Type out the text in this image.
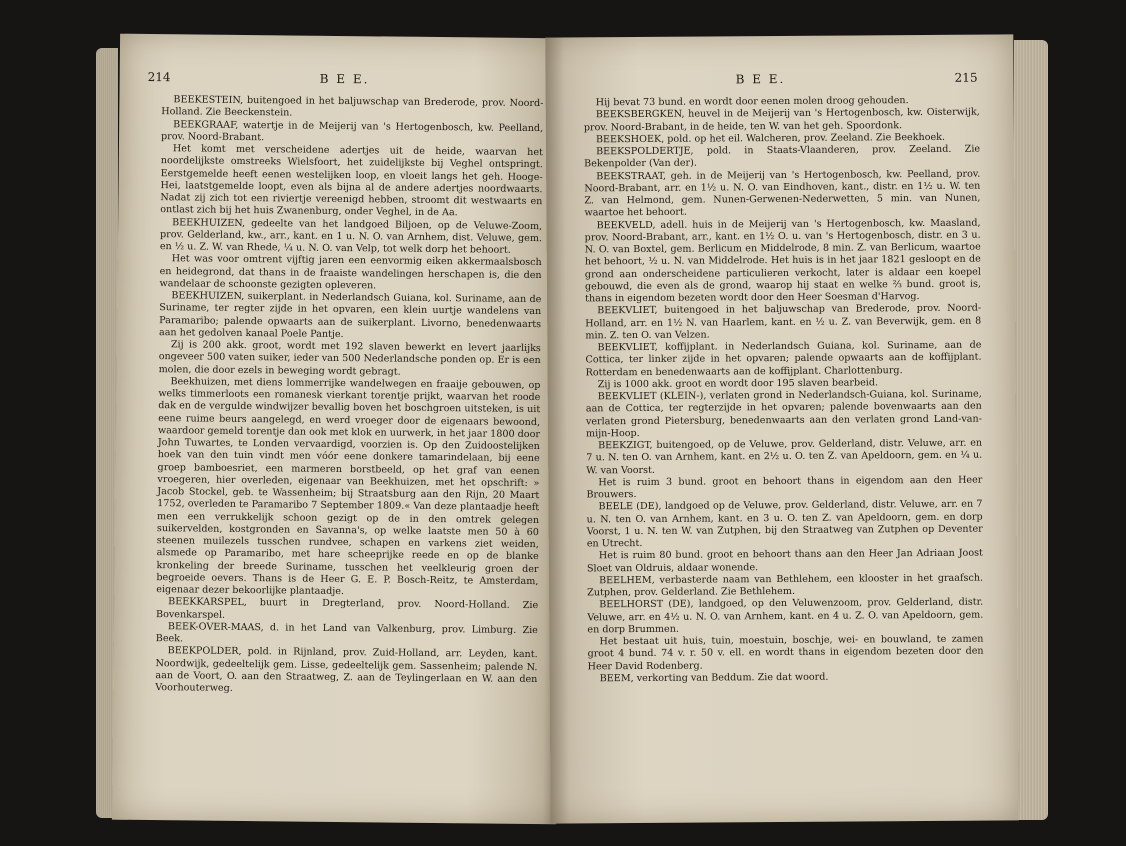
214	B E E.

BEEKESTEIN, buitengoed in het baljuwschap van Brederode, prov. Noord-Holland. Zie Beeckenstein.

BEEKGRAAF, watertje in de Meijerij van 's Hertogenbosch, kw. Peelland, prov. Noord-Brabant.

Het komt met verscheidene adertjes uit de heide, waarvan het noordelijkste omstreeks Wielsfoort, het zuidelijkste bij Veghel ontspringt. Eerstgemelde heeft eenen westelijken loop, en vloeit langs het geh. Hooge-Hei, laatstgemelde loopt, even als bijna al de andere adertjes noordwaarts. Nadat zij zich tot een riviertje vereenigd hebben, stroomt dit westwaarts en ontlast zich bij het huis Zwanenburg, onder Veghel, in de Aa.

BEEKHUIZEN, gedeelte van het landgoed Biljoen, op de Veluwe-Zoom, prov. Gelderland, kw., arr., kant. en 1 u. N. O. van Arnhem, dist. Veluwe, gem. en ½ u. Z. W. van Rhede, ¼ u. N. O. van Velp, tot welk dorp het behoort.

Het was voor omtrent vijftig jaren een eenvormig eiken akkermaalsbosch en heidegrond, dat thans in de fraaiste wandelingen herschapen is, die den wandelaar de schoonste gezigten opleveren.

BEEKHUIZEN, suikerplant. in Nederlandsch Guiana, kol. Suriname, aan de Suriname, ter regter zijde in het opvaren, een klein uurtje wandelens van Paramaribo; palende opwaarts aan de suikerplant. Livorno, benedenwaarts aan het gedolven kanaal Poele Pantje.

Zij is 200 akk. groot, wordt met 192 slaven bewerkt en levert jaarlijks ongeveer 500 vaten suiker, ieder van 500 Nederlandsche ponden op. Er is een molen, die door ezels in beweging wordt gebragt.

Beekhuizen, met diens lommerrijke wandelwegen en fraaije gebouwen, op welks timmerloots een romanesk vierkant torentje prijkt, waarvan het roode dak en de vergulde windwijzer bevallig boven het boschgroen uitsteken, is uit eene ruime beurs aangelegd, en werd vroeger door de eigenaars bewoond, waardoor gemeld torentje dan ook met klok en uurwerk, in het jaar 1800 door John Tuwartes, te Londen vervaardigd, voorzien is. Op den Zuidoostelijken hoek van den tuin vindt men vóór eene donkere tamarindelaan, bij eene groep bamboesriet, een marmeren borstbeeld, op het graf van eenen vroegeren, hier overleden, eigenaar van Beekhuizen, met het opschrift: » Jacob Stockel, geb. te Wassenheim; bij Straatsburg aan den Rijn, 20 Maart 1752, overleden te Paramaribo 7 September 1809.« Van deze plantaadje heeft men een verrukkelijk schoon gezigt op de in den omtrek gelegen suikervelden, kostgronden en Savanna's, op welke laatste men 50 à 60 steenen muilezels tusschen rundvee, schapen en varkens ziet weiden, alsmede op Paramaribo, met hare scheeprijke reede en op de blanke kronkeling der breede Suriname, tusschen het veelkleurig groen der begroeide oevers. Thans is de Heer G. E. P. Bosch-Reitz, te Amsterdam, eigenaar dezer bekoorlijke plantaadje.

BEEKKARSPEL, buurt in Dregterland, prov. Noord-Holland. Zie Bovenkarspel.

BEEK-OVER-MAAS, d. in het Land van Valkenburg, prov. Limburg. Zie Beek.

BEEKPOLDER, pold. in Rijnland, prov. Zuid-Holland, arr. Leyden, kant. Noordwijk, gedeeltelijk gem. Lisse, gedeeltelijk gem. Sassenheim; palende N. aan de Voort, O. aan den Straatweg, Z. aan de Teylingerlaan en W. aan den Voorhouterweg.

B E E.	215

Hij bevat 73 bund. en wordt door eenen molen droog gehouden.

BEEKSBERGKEN, heuvel in de Meijerij van 's Hertogenbosch, kw. Oisterwijk, prov. Noord-Brabant, in de heide, ten W. van het geh. Spoordonk.

BEEKSHOEK, pold. op het eil. Walcheren, prov. Zeeland. Zie Beekhoek.

BEEKSPOLDERTJE, pold. in Staats-Vlaanderen, prov. Zeeland. Zie Bekenpolder (Van der).

BEEKSTRAAT, geh. in de Meijerij van 's Hertogenbosch, kw. Peelland, prov. Noord-Brabant, arr. en 1½ u. N. O. van Eindhoven, kant., distr. en 1½ u. W. ten Z. van Helmond, gem. Nunen-Gerwenen-Nederwetten, 5 min. van Nunen, waartoe het behoort.

BEEKVELD, adell. huis in de Meijerij van 's Hertogenbosch, kw. Maasland, prov. Noord-Brabant, arr., kant. en 1½ O. u. van 's Hertogenbosch, distr. en 3 u. N. O. van Boxtel, gem. Berlicum en Middelrode, 8 min. Z. van Berlicum, waartoe het behoort, ½ u. N. van Middelrode. Het huis is in het jaar 1821 gesloopt en de grond aan onderscheidene particulieren verkocht, later is aldaar een koepel gebouwd, die even als de grond, waarop hij staat en welke ⅔ bund. groot is, thans in eigendom bezeten wordt door den Heer Soesman d'Harvog.

BEEKVLIET, buitengoed in het baljuwschap van Brederode, prov. Noord-Holland, arr. en 1½ N. van Haarlem, kant. en ½ u. Z. van Beverwijk, gem. en 8 min. Z. ten O. van Velzen.

BEEKVLIET, koffijplant. in Nederlandsch Guiana, kol. Suriname, aan de Cottica, ter linker zijde in het opvaren; palende opwaarts aan de koffijplant. Rotterdam en benedenwaarts aan de koffijplant. Charlottenburg.

Zij is 1000 akk. groot en wordt door 195 slaven bearbeid.

BEEKVLIET (KLEIN-), verlaten grond in Nederlandsch-Guiana, kol. Suriname, aan de Cottica, ter regterzijde in het opvaren; palende bovenwaarts aan den verlaten grond Pietersburg, benedenwaarts aan den verlaten grond Land-van-mijn-Hoop.

BEEKZIGT, buitengoed, op de Veluwe, prov. Gelderland, distr. Veluwe, arr. en 7 u. N. ten O. van Arnhem, kant. en 2½ u. O. ten Z. van Apeldoorn, gem. en ¼ u. W. van Voorst.

Het is ruim 3 bund. groot en behoort thans in eigendom aan den Heer Brouwers.

BEELE (DE), landgoed op de Veluwe, prov. Gelderland, distr. Veluwe, arr. en 7 u. N. ten O. van Arnhem, kant. en 3 u. O. ten Z. van Apeldoorn, gem. en dorp Voorst, 1 u. N. ten W. van Zutphen, bij den Straatweg van Zutphen op Deventer en Utrecht.

Het is ruim 80 bund. groot en behoort thans aan den Heer Jan Adriaan Joost Sloet van Oldruis, aldaar wonende.

BEELHEM, verbasterde naam van Bethlehem, een klooster in het graafsch. Zutphen, prov. Gelderland. Zie Bethlehem.

BEELHORST (DE), landgoed, op den Veluwenzoom, prov. Gelderland, distr. Veluwe, arr. en 4½ u. N. O. van Arnhem, kant. en 4 u. Z. O. van Apeldoorn, gem. en dorp Brummen.

Het bestaat uit huis, tuin, moestuin, boschje, wei- en bouwland, te zamen groot 4 bund. 74 v. r. 50 v. ell. en wordt thans in eigendom bezeten door den Heer David Rodenberg.

BEEM, verkorting van Beddum. Zie dat woord.
